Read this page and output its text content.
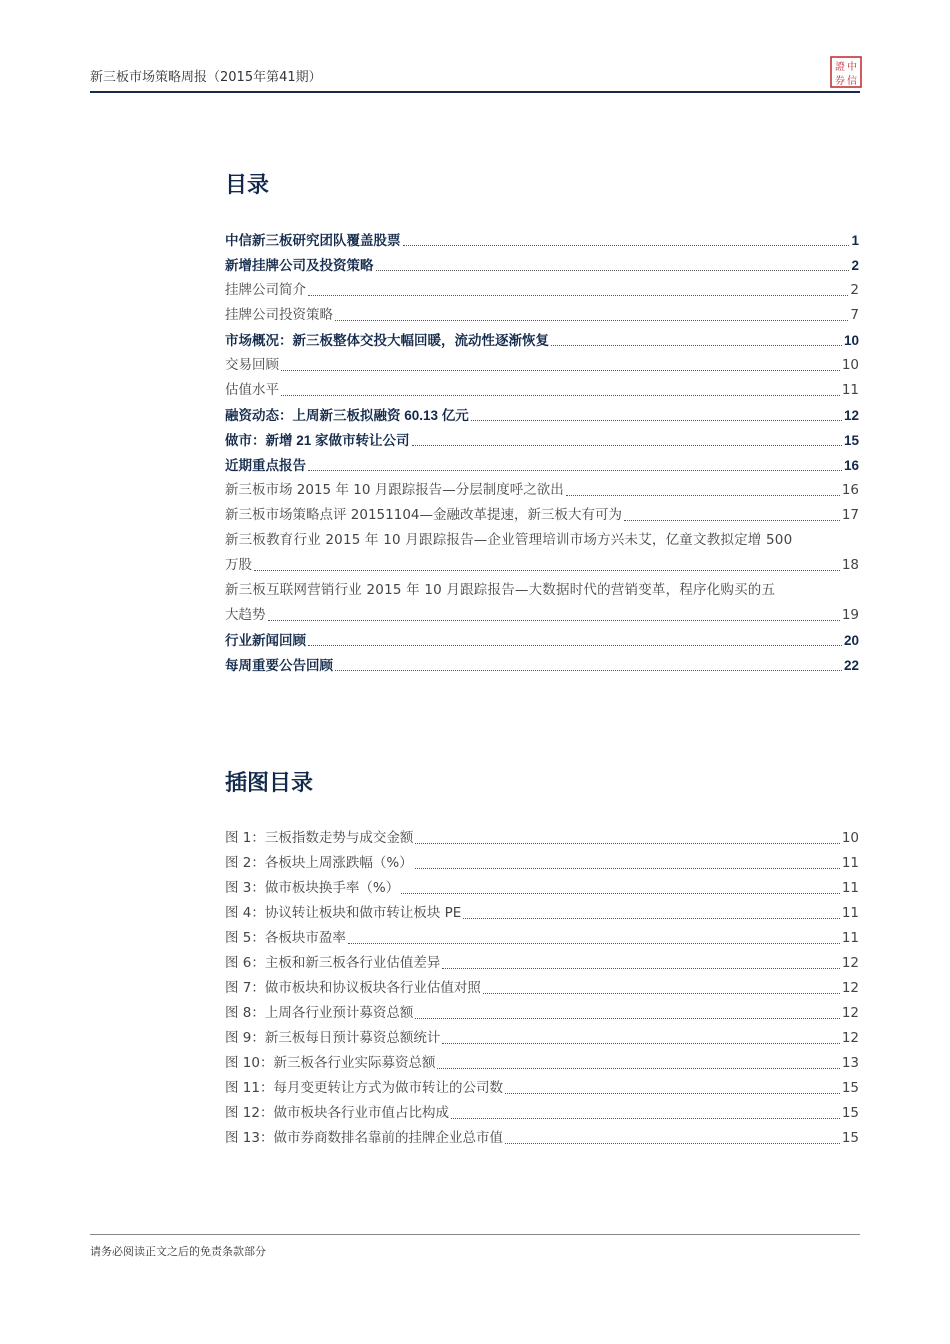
新三板市场策略周报（2015年第41期）
證 中
券 信
目录
中信新三板研究团队覆盖股票	1
新增挂牌公司及投资策略	2
挂牌公司简介	2
挂牌公司投资策略	7
市场概况：新三板整体交投大幅回暖，流动性逐渐恢复	10
交易回顾	10
估值水平	11
融资动态：上周新三板拟融资 60.13 亿元	12
做市：新增 21 家做市转让公司	15
近期重点报告	16
新三板市场 2015 年 10 月跟踪报告—分层制度呼之欲出	16
新三板市场策略点评 20151104—金融改革提速，新三板大有可为	17
新三板教育行业 2015 年 10 月跟踪报告—企业管理培训市场方兴未艾，亿童文教拟定增 500
万股	18
新三板互联网营销行业 2015 年 10 月跟踪报告—大数据时代的营销变革，程序化购买的五
大趋势	19
行业新闻回顾	20
每周重要公告回顾	22
插图目录
图 1：三板指数走势与成交金额	10
图 2：各板块上周涨跌幅（%）	11
图 3：做市板块换手率（%）	11
图 4：协议转让板块和做市转让板块 PE	11
图 5：各板块市盈率	11
图 6：主板和新三板各行业估值差异	12
图 7：做市板块和协议板块各行业估值对照	12
图 8：上周各行业预计募资总额	12
图 9：新三板每日预计募资总额统计	12
图 10：新三板各行业实际募资总额	13
图 11：每月变更转让方式为做市转让的公司数	15
图 12：做市板块各行业市值占比构成	15
图 13：做市券商数排名靠前的挂牌企业总市值	15
请务必阅读正文之后的免责条款部分
